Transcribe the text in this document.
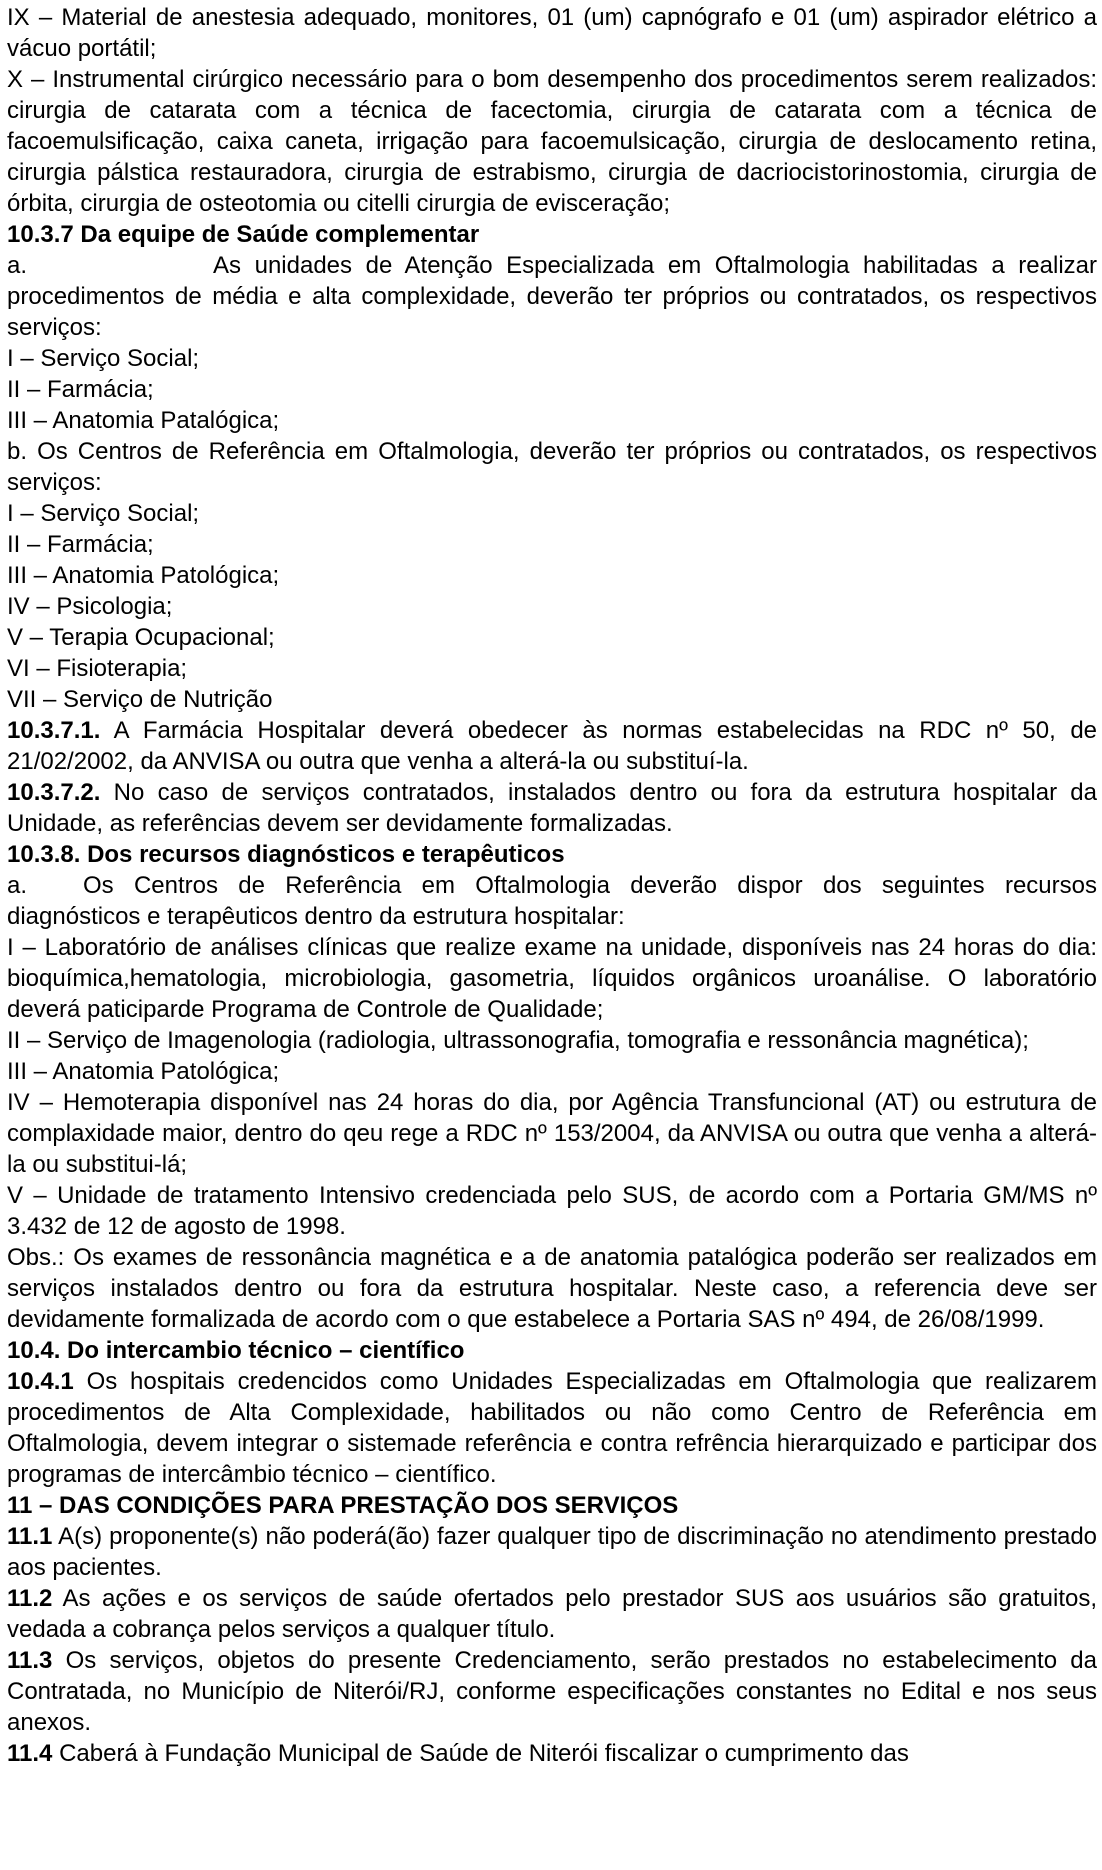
IX – Material de anestesia adequado, monitores, 01 (um) capnógrafo e 01 (um) aspirador elétrico a vácuo portátil;

X – Instrumental cirúrgico necessário para o bom desempenho dos procedimentos serem realizados: cirurgia de catarata com a técnica de facectomia, cirurgia de catarata com a técnica de facoemulsificação, caixa caneta, irrigação para facoemulsicação, cirurgia de deslocamento retina, cirurgia pálstica restauradora, cirurgia de estrabismo, cirurgia de dacriocistorinostomia, cirurgia de órbita, cirurgia de osteotomia ou citelli cirurgia de evisceração;

10.3.7 Da equipe de Saúde complementar

a.	As unidades de Atenção Especializada em Oftalmologia habilitadas a realizar procedimentos de média e alta complexidade, deverão ter próprios ou contratados, os respectivos serviços:

I – Serviço Social;

II – Farmácia;

III – Anatomia Patalógica;

b. Os Centros de Referência em Oftalmologia, deverão ter próprios ou contratados, os respectivos serviços:

I – Serviço Social;

II – Farmácia;

III – Anatomia Patológica;

IV – Psicologia;

V – Terapia Ocupacional;

VI – Fisioterapia;

VII – Serviço de Nutrição

10.3.7.1. A Farmácia Hospitalar deverá obedecer às normas estabelecidas na RDC nº 50, de 21/02/2002, da ANVISA ou outra que venha a alterá-la ou substituí-la.

10.3.7.2. No caso de serviços contratados, instalados dentro ou fora da estrutura hospitalar da Unidade, as referências devem ser devidamente formalizadas.

10.3.8. Dos recursos diagnósticos e terapêuticos

a. Os Centros de Referência em Oftalmologia deverão dispor dos seguintes recursos diagnósticos e terapêuticos dentro da estrutura hospitalar:

I – Laboratório de análises clínicas que realize exame na unidade, disponíveis nas 24 horas do dia: bioquímica,hematologia, microbiologia, gasometria, líquidos orgânicos uroanálise. O laboratório deverá paticiparde Programa de Controle de Qualidade;

II – Serviço de Imagenologia (radiologia, ultrassonografia, tomografia e ressonância magnética);

III – Anatomia Patológica;

IV – Hemoterapia disponível nas 24 horas do dia, por Agência Transfuncional (AT) ou estrutura de complaxidade maior, dentro do qeu rege a RDC nº 153/2004, da ANVISA ou outra que venha a alterá-la ou substitui-lá;

V – Unidade de tratamento Intensivo credenciada pelo SUS, de acordo com a Portaria GM/MS nº 3.432 de 12 de agosto de 1998.

Obs.: Os exames de ressonância magnética e a de anatomia patalógica poderão ser realizados em serviços instalados dentro ou fora da estrutura hospitalar. Neste caso, a referencia deve ser devidamente formalizada de acordo com o que estabelece a Portaria SAS nº 494, de 26/08/1999.

10.4. Do intercambio técnico – científico

10.4.1 Os hospitais credencidos como Unidades Especializadas em Oftalmologia que realizarem procedimentos de Alta Complexidade, habilitados ou não como Centro de Referência em Oftalmologia, devem integrar o sistemade referência e contra refrência hierarquizado e participar dos programas de intercâmbio técnico – científico.

11 – DAS CONDIÇÕES PARA PRESTAÇÃO DOS SERVIÇOS

11.1 A(s) proponente(s) não poderá(ão) fazer qualquer tipo de discriminação no atendimento prestado aos pacientes.

11.2 As ações e os serviços de saúde ofertados pelo prestador SUS aos usuários são gratuitos, vedada a cobrança pelos serviços a qualquer título.

11.3 Os serviços, objetos do presente Credenciamento, serão prestados no estabelecimento da Contratada, no Município de Niterói/RJ, conforme especificações constantes no Edital e nos seus anexos.

11.4 Caberá à Fundação Municipal de Saúde de Niterói fiscalizar o cumprimento das
